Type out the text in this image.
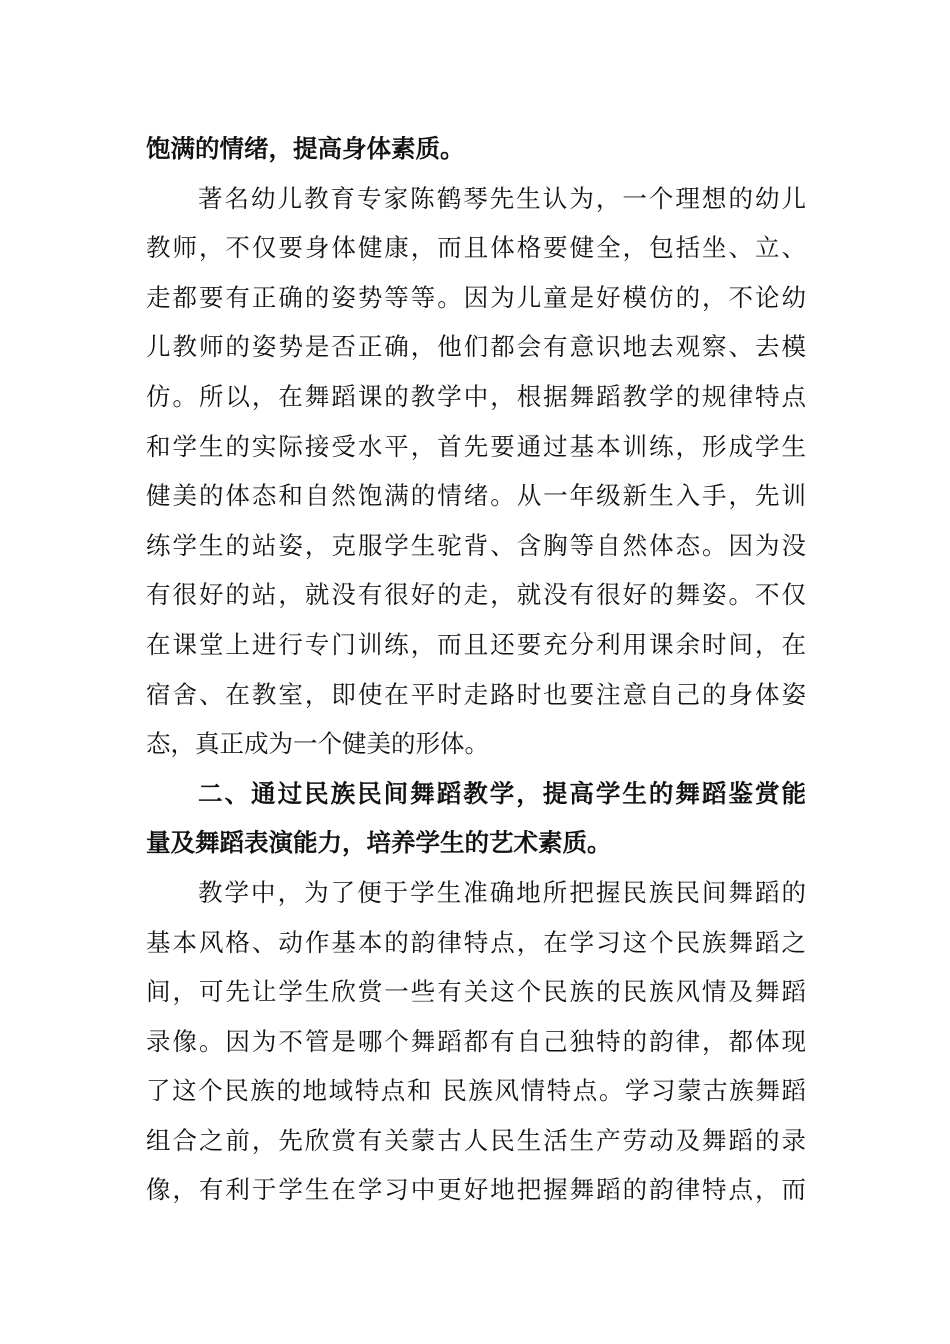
饱满的情绪，提高身体素质。
著名幼儿教育专家陈鹤琴先生认为，一个理想的幼儿
教师，不仅要身体健康，而且体格要健全，包括坐、立、
走都要有正确的姿势等等。因为儿童是好模仿的，不论幼
儿教师的姿势是否正确，他们都会有意识地去观察、去模
仿。所以，在舞蹈课的教学中，根据舞蹈教学的规律特点
和学生的实际接受水平，首先要通过基本训练，形成学生
健美的体态和自然饱满的情绪。从一年级新生入手，先训
练学生的站姿，克服学生驼背、含胸等自然体态。因为没
有很好的站，就没有很好的走，就没有很好的舞姿。不仅
在课堂上进行专门训练，而且还要充分利用课余时间，在
宿舍、在教室，即使在平时走路时也要注意自己的身体姿
态，真正成为一个健美的形体。
二、通过民族民间舞蹈教学，提高学生的舞蹈鉴赏能
量及舞蹈表演能力，培养学生的艺术素质。
教学中，为了便于学生准确地所把握民族民间舞蹈的
基本风格、动作基本的韵律特点，在学习这个民族舞蹈之
间，可先让学生欣赏一些有关这个民族的民族风情及舞蹈
录像。因为不管是哪个舞蹈都有自己独特的韵律，都体现
了这个民族的地域特点和 民族风情特点。学习蒙古族舞蹈
组合之前，先欣赏有关蒙古人民生活生产劳动及舞蹈的录
像，有利于学生在学习中更好地把握舞蹈的韵律特点，而
